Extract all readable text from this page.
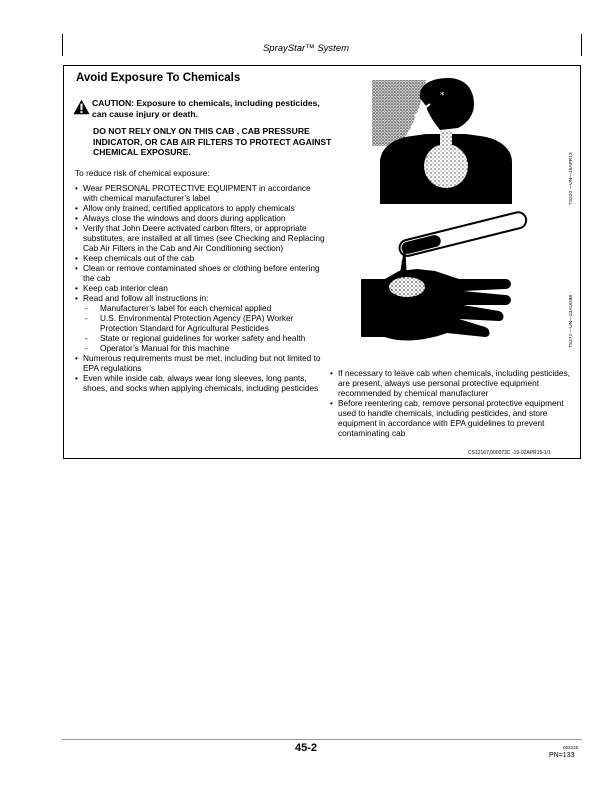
SprayStar™ System
Avoid Exposure To Chemicals
CAUTION: Exposure to chemicals, including pesticides, can cause injury or death.
DO NOT RELY ONLY ON THIS CAB , CAB PRESSURE INDICATOR, OR CAB AIR FILTERS TO PROTECT AGAINST CHEMICAL EXPOSURE.
To reduce risk of chemical exposure:
• Wear PERSONAL PROTECTIVE EQUIPMENT in accordance with chemical manufacturer’s label
• Allow only trained, certified applicators to apply chemicals
• Always close the windows and doors during application
• Verify that John Deere activated carbon filters, or appropriate substitutes, are installed at all times (see Checking and Replacing Cab Air Filters in the Cab and Air Conditioning section)
• Keep chemicals out of the cab
• Clean or remove contaminated shoes or clothing before entering the cab
• Keep cab interior clean
• Read and follow all instructions in:
- Manufacturer’s label for each chemical applied
- U.S. Environmental Protection Agency (EPA) Worker Protection Standard for Agricultural Pesticides
- State or regional guidelines for worker safety and health
- Operator’s Manual for this machine
• Numerous requirements must be met, including but not limited to EPA regulations
• Even while inside cab, always wear long sleeves, long pants, shoes, and socks when applying chemicals, including pesticides
*
TS220 —UN—15APR13
TS272 —UN—23AUG88
• If necessary to leave cab when chemicals, including pesticides, are present, always use personal protective equipment recommended by chemical manufacturer
• Before reentering cab, remove personal protective equipment used to handle chemicals, including pesticides, and store equipment in accordance with EPA guidelines to prevent contaminating cab
CS12167,000073C -19-02APR15-1/1
45-2	062315
PN=133
